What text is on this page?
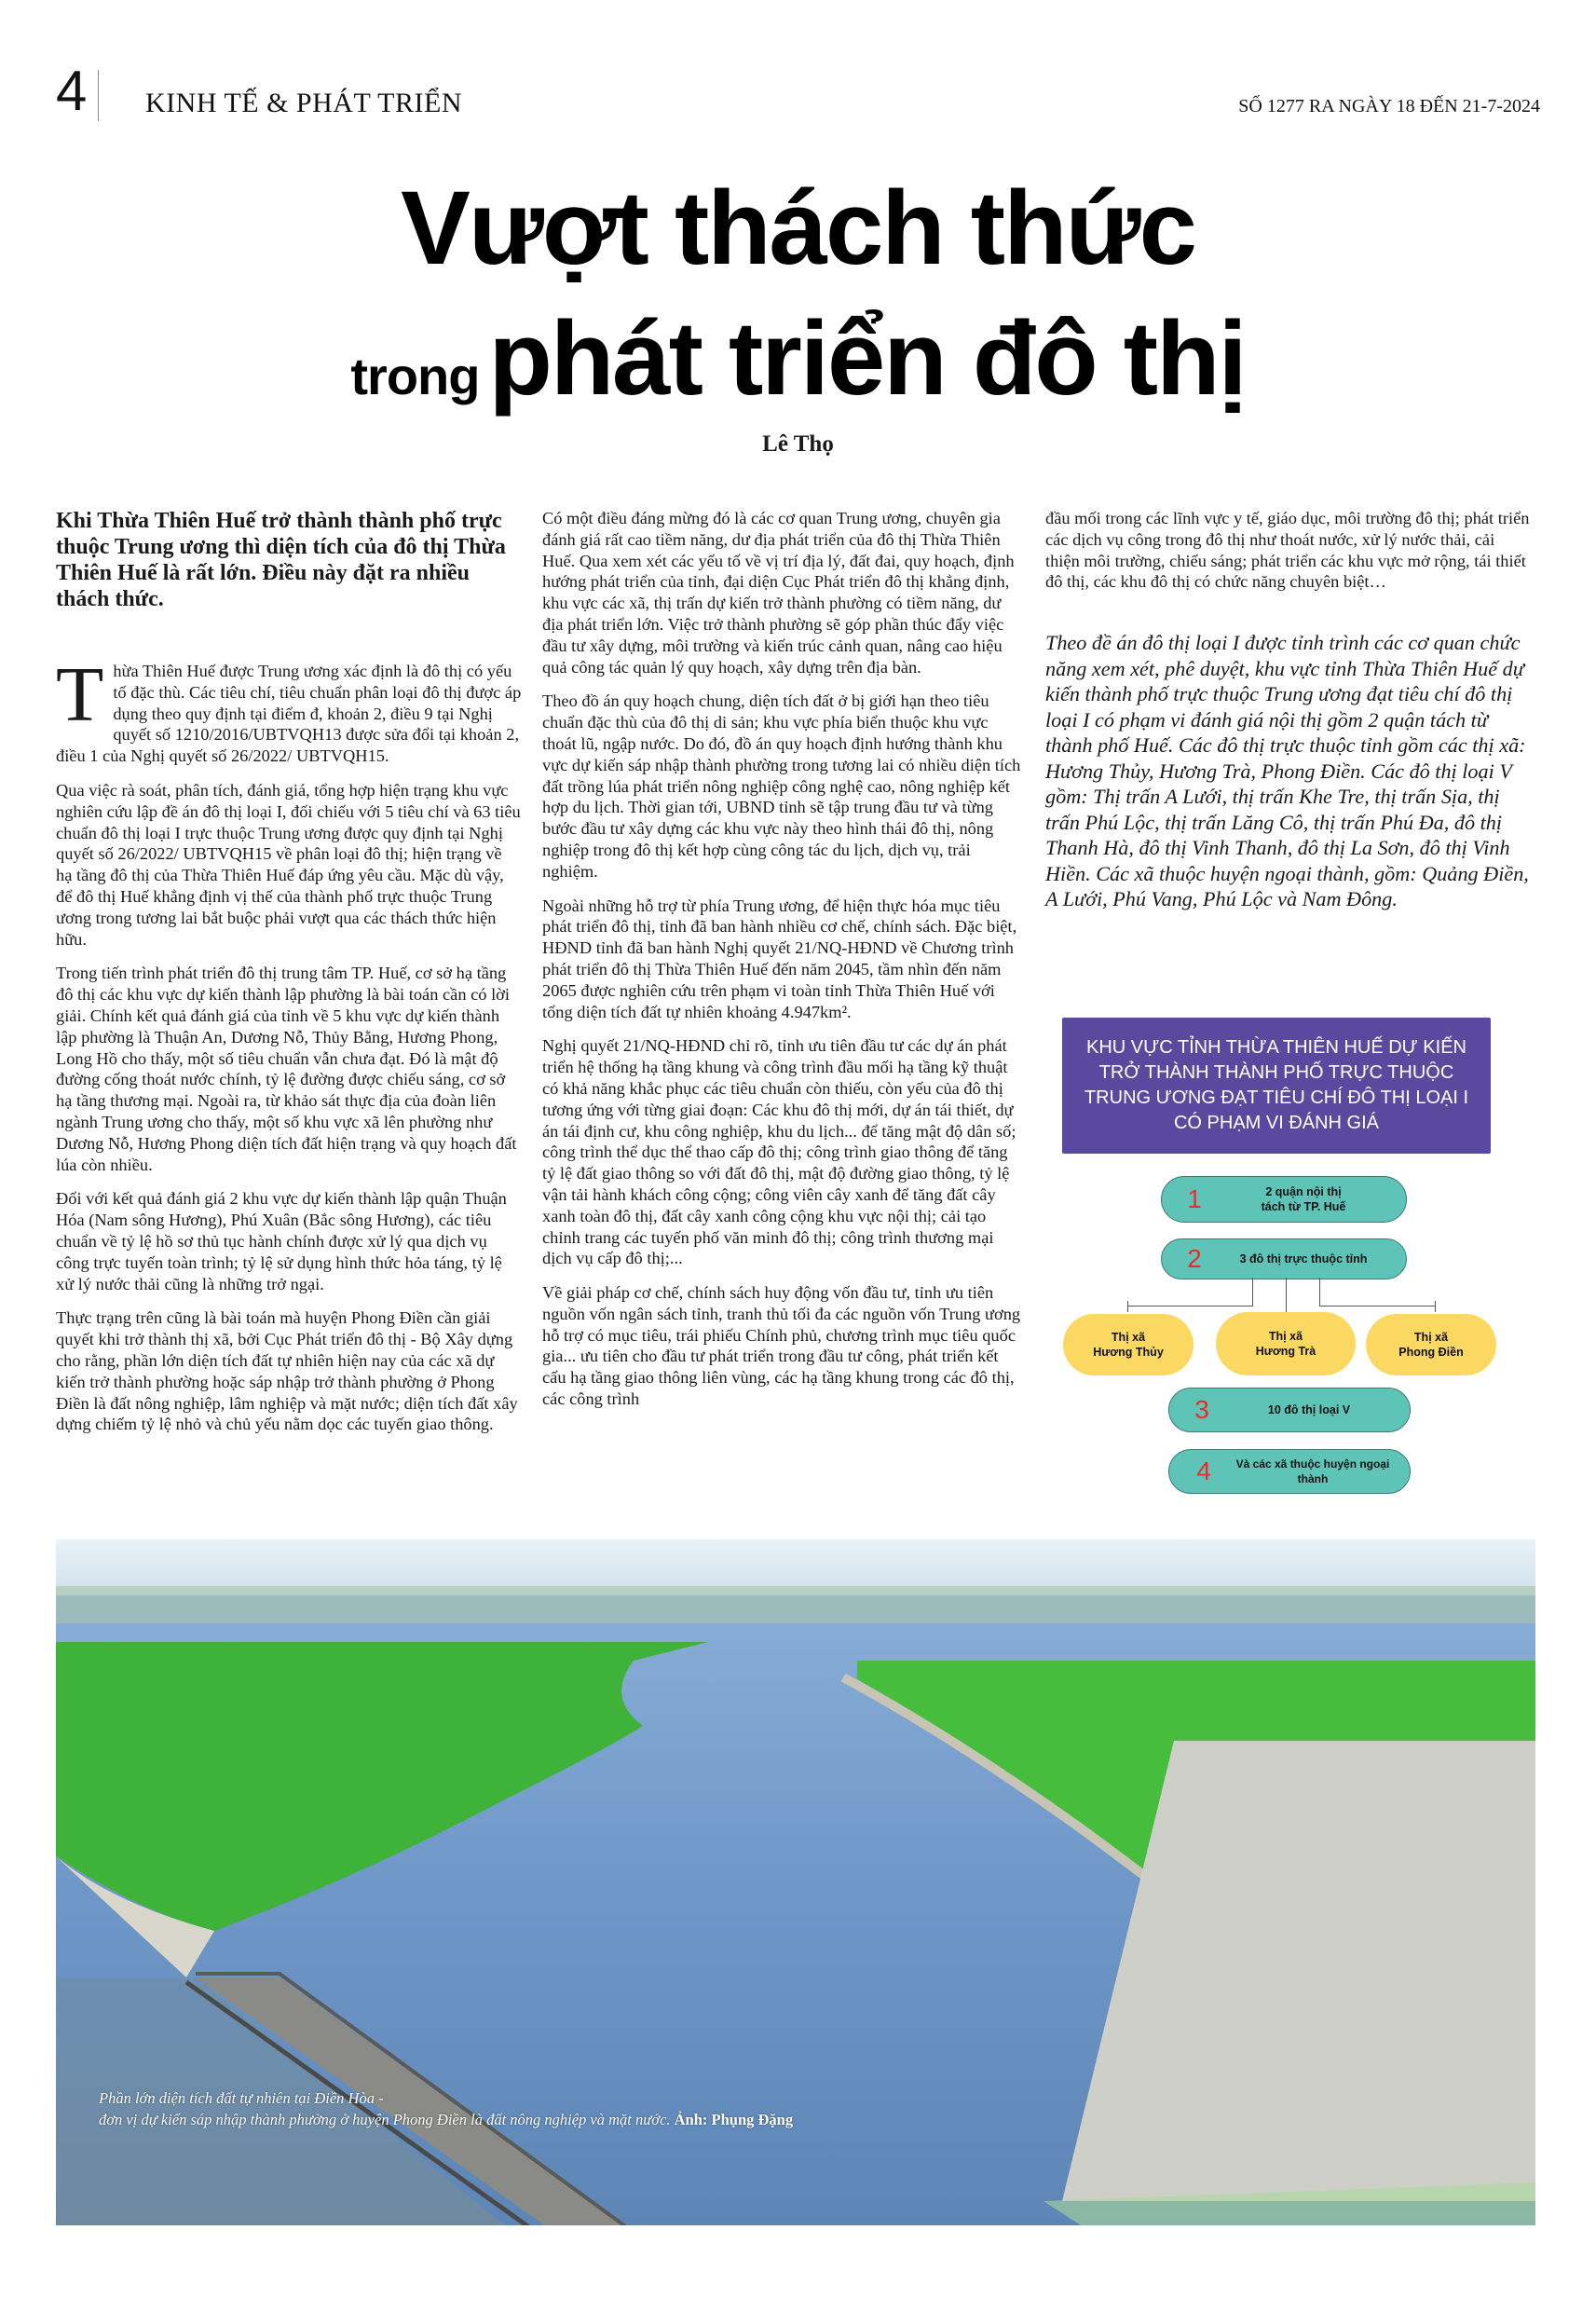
4 KINH TẾ & PHÁT TRIỂN	SỐ 1277 RA NGÀY 18 ĐẾN 21-7-2024
Vượt thách thức
trongphát triển đô thị
Lê Thọ

Khi Thừa Thiên Huế trở thành thành phố trực thuộc Trung ương thì diện tích của đô thị Thừa Thiên Huế là rất lớn. Điều này đặt ra nhiều thách thức.

Thừa Thiên Huế được Trung ương xác định là đô thị có yếu tố đặc thù. Các tiêu chí, tiêu chuẩn phân loại đô thị được áp dụng theo quy định tại điểm đ, khoản 2, điều 9 tại Nghị quyết số 1210/2016/UBTVQH13 được sửa đổi tại khoản 2, điều 1 của Nghị quyết số 26/2022/ UBTVQH15.

Qua việc rà soát, phân tích, đánh giá, tổng hợp hiện trạng khu vực nghiên cứu lập đề án đô thị loại I, đối chiếu với 5 tiêu chí và 63 tiêu chuẩn đô thị loại I trực thuộc Trung ương được quy định tại Nghị quyết số 26/2022/ UBTVQH15 về phân loại đô thị; hiện trạng về hạ tầng đô thị của Thừa Thiên Huế đáp ứng yêu cầu. Mặc dù vậy, để đô thị Huế khẳng định vị thế của thành phố trực thuộc Trung ương trong tương lai bắt buộc phải vượt qua các thách thức hiện hữu.

Trong tiến trình phát triển đô thị trung tâm TP. Huế, cơ sở hạ tầng đô thị các khu vực dự kiến thành lập phường là bài toán cần có lời giải. Chính kết quả đánh giá của tỉnh về 5 khu vực dự kiến thành lập phường là Thuận An, Dương Nỗ, Thủy Bằng, Hương Phong, Long Hồ cho thấy, một số tiêu chuẩn vẫn chưa đạt. Đó là mật độ đường cống thoát nước chính, tỷ lệ đường được chiếu sáng, cơ sở hạ tầng thương mại. Ngoài ra, từ khảo sát thực địa của đoàn liên ngành Trung ương cho thấy, một số khu vực xã lên phường như Dương Nỗ, Hương Phong diện tích đất hiện trạng và quy hoạch đất lúa còn nhiều.

Đối với kết quả đánh giá 2 khu vực dự kiến thành lập quận Thuận Hóa (Nam sông Hương), Phú Xuân (Bắc sông Hương), các tiêu chuẩn về tỷ lệ hồ sơ thủ tục hành chính được xử lý qua dịch vụ công trực tuyến toàn trình; tỷ lệ sử dụng hình thức hỏa táng, tỷ lệ xử lý nước thải cũng là những trở ngại.

Thực trạng trên cũng là bài toán mà huyện Phong Điền cần giải quyết khi trở thành thị xã, bởi Cục Phát triển đô thị - Bộ Xây dựng cho rằng, phần lớn diện tích đất tự nhiên hiện nay của các xã dự kiến trở thành phường hoặc sáp nhập trở thành phường ở Phong Điền là đất nông nghiệp, lâm nghiệp và mặt nước; diện tích đất xây dựng chiếm tỷ lệ nhỏ và chủ yếu nằm dọc các tuyến giao thông.

Có một điều đáng mừng đó là các cơ quan Trung ương, chuyên gia đánh giá rất cao tiềm năng, dư địa phát triển của đô thị Thừa Thiên Huế. Qua xem xét các yếu tố về vị trí địa lý, đất đai, quy hoạch, định hướng phát triển của tỉnh, đại diện Cục Phát triển đô thị khẳng định, khu vực các xã, thị trấn dự kiến trở thành phường có tiềm năng, dư địa phát triển lớn. Việc trở thành phường sẽ góp phần thúc đẩy việc đầu tư xây dựng, môi trường và kiến trúc cảnh quan, nâng cao hiệu quả công tác quản lý quy hoạch, xây dựng trên địa bàn.

Theo đồ án quy hoạch chung, diện tích đất ở bị giới hạn theo tiêu chuẩn đặc thù của đô thị di sản; khu vực phía biển thuộc khu vực thoát lũ, ngập nước. Do đó, đồ án quy hoạch định hướng thành khu vực dự kiến sáp nhập thành phường trong tương lai có nhiều diện tích đất trồng lúa phát triển nông nghiệp công nghệ cao, nông nghiệp kết hợp du lịch. Thời gian tới, UBND tỉnh sẽ tập trung đầu tư và từng bước đầu tư xây dựng các khu vực này theo hình thái đô thị, nông nghiệp trong đô thị kết hợp cùng công tác du lịch, dịch vụ, trải nghiệm.

Ngoài những hỗ trợ từ phía Trung ương, để hiện thực hóa mục tiêu phát triển đô thị, tỉnh đã ban hành nhiều cơ chế, chính sách. Đặc biệt, HĐND tỉnh đã ban hành Nghị quyết 21/NQ-HĐND về Chương trình phát triển đô thị Thừa Thiên Huế đến năm 2045, tầm nhìn đến năm 2065 được nghiên cứu trên phạm vi toàn tỉnh Thừa Thiên Huế với tổng diện tích đất tự nhiên khoảng 4.947km².

Nghị quyết 21/NQ-HĐND chỉ rõ, tỉnh ưu tiên đầu tư các dự án phát triển hệ thống hạ tầng khung và công trình đầu mối hạ tầng kỹ thuật có khả năng khắc phục các tiêu chuẩn còn thiếu, còn yếu của đô thị tương ứng với từng giai đoạn: Các khu đô thị mới, dự án tái thiết, dự án tái định cư, khu công nghiệp, khu du lịch... để tăng mật độ dân số; công trình thể dục thể thao cấp đô thị; công trình giao thông để tăng tỷ lệ đất giao thông so với đất đô thị, mật độ đường giao thông, tỷ lệ vận tải hành khách công cộng; công viên cây xanh để tăng đất cây xanh toàn đô thị, đất cây xanh công cộng khu vực nội thị; cải tạo chỉnh trang các tuyến phố văn minh đô thị; công trình thương mại dịch vụ cấp đô thị;...

Về giải pháp cơ chế, chính sách huy động vốn đầu tư, tỉnh ưu tiên nguồn vốn ngân sách tỉnh, tranh thủ tối đa các nguồn vốn Trung ương hỗ trợ có mục tiêu, trái phiếu Chính phủ, chương trình mục tiêu quốc gia... ưu tiên cho đầu tư phát triển trong đầu tư công, phát triển kết cấu hạ tầng giao thông liên vùng, các hạ tầng khung trong các đô thị, các công trình

đầu mối trong các lĩnh vực y tế, giáo dục, môi trường đô thị; phát triển các dịch vụ công trong đô thị như thoát nước, xử lý nước thải, cải thiện môi trường, chiếu sáng; phát triển các khu vực mở rộng, tái thiết đô thị, các khu đô thị có chức năng chuyên biệt…

Theo đề án đô thị loại I được tỉnh trình các cơ quan chức năng xem xét, phê duyệt, khu vực tỉnh Thừa Thiên Huế dự kiến thành phố trực thuộc Trung ương đạt tiêu chí đô thị loại I có phạm vi đánh giá nội thị gồm 2 quận tách từ thành phố Huế. Các đô thị trực thuộc tỉnh gồm các thị xã: Hương Thủy, Hương Trà, Phong Điền. Các đô thị loại V gồm: Thị trấn A Lưới, thị trấn Khe Tre, thị trấn Sịa, thị trấn Phú Lộc, thị trấn Lăng Cô, thị trấn Phú Đa, đô thị Thanh Hà, đô thị Vinh Thanh, đô thị La Sơn, đô thị Vinh Hiền. Các xã thuộc huyện ngoại thành, gồm: Quảng Điền, A Lưới, Phú Vang, Phú Lộc và Nam Đông.

KHU VỰC TỈNH THỪA THIÊN HUẾ DỰ KIẾN TRỞ THÀNH THÀNH PHỐ TRỰC THUỘC TRUNG ƯƠNG ĐẠT TIÊU CHÍ ĐÔ THỊ LOẠI I CÓ PHẠM VI ĐÁNH GIÁ
1	2 quận nội thị
tách từ TP. Huế
2	3 đô thị trực thuộc tỉnh
Thị xã
Hương Thủy
Thị xã
Hương Trà
Thị xã
Phong Điền
3	10 đô thị loại V
4	Và các xã thuộc huyện ngoại thành
Phần lớn diện tích đất tự nhiên tại Điền Hòa -
đơn vị dự kiến sáp nhập thành phường ở huyện Phong Điền là đất nông nghiệp và mặt nước. Ảnh: Phụng Đặng
